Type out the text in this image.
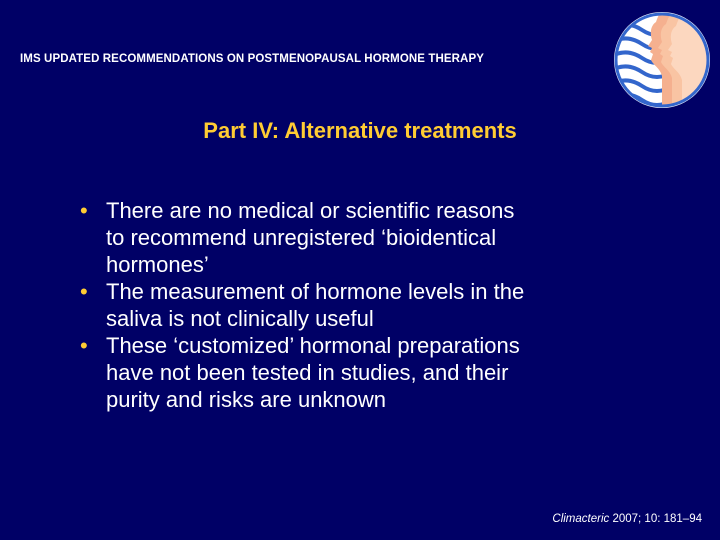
IMS UPDATED RECOMMENDATIONS ON POSTMENOPAUSAL HORMONE THERAPY
Part IV: Alternative treatments
• There are no medical or scientific reasons
to recommend unregistered ‘bioidentical
hormones’
• The measurement of hormone levels in the
saliva is not clinically useful
• These ‘customized’ hormonal preparations
have not been tested in studies, and their
purity and risks are unknown
Climacteric 2007; 10: 181–94
